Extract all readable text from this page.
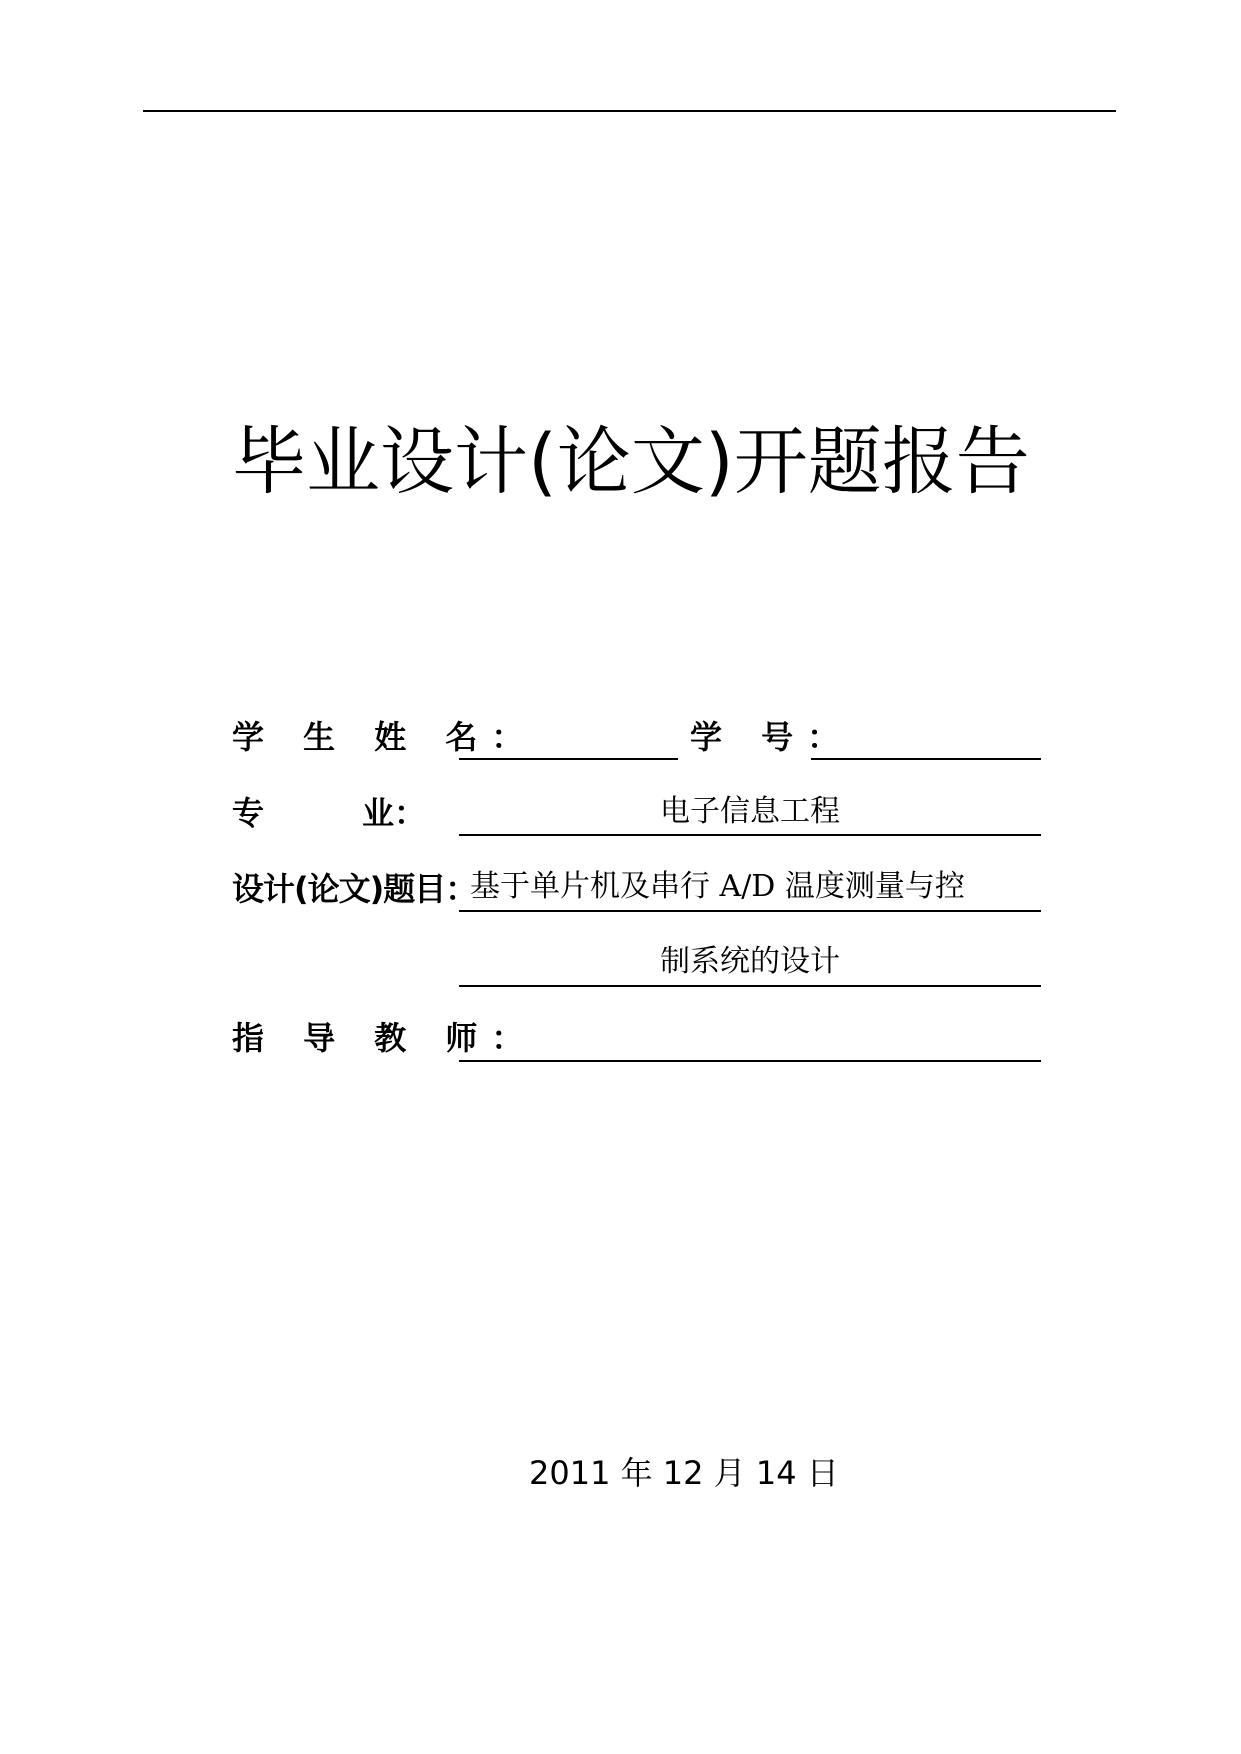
毕业设计(论文)开题报告
学 生 姓 名：	学 号：
专	业：	电子信息工程
设计(论文)题目：
基于单片机及串行 A/D 温度测量与控
制系统的设计
指 导 教 师：
2011 年 12 月 14 日
